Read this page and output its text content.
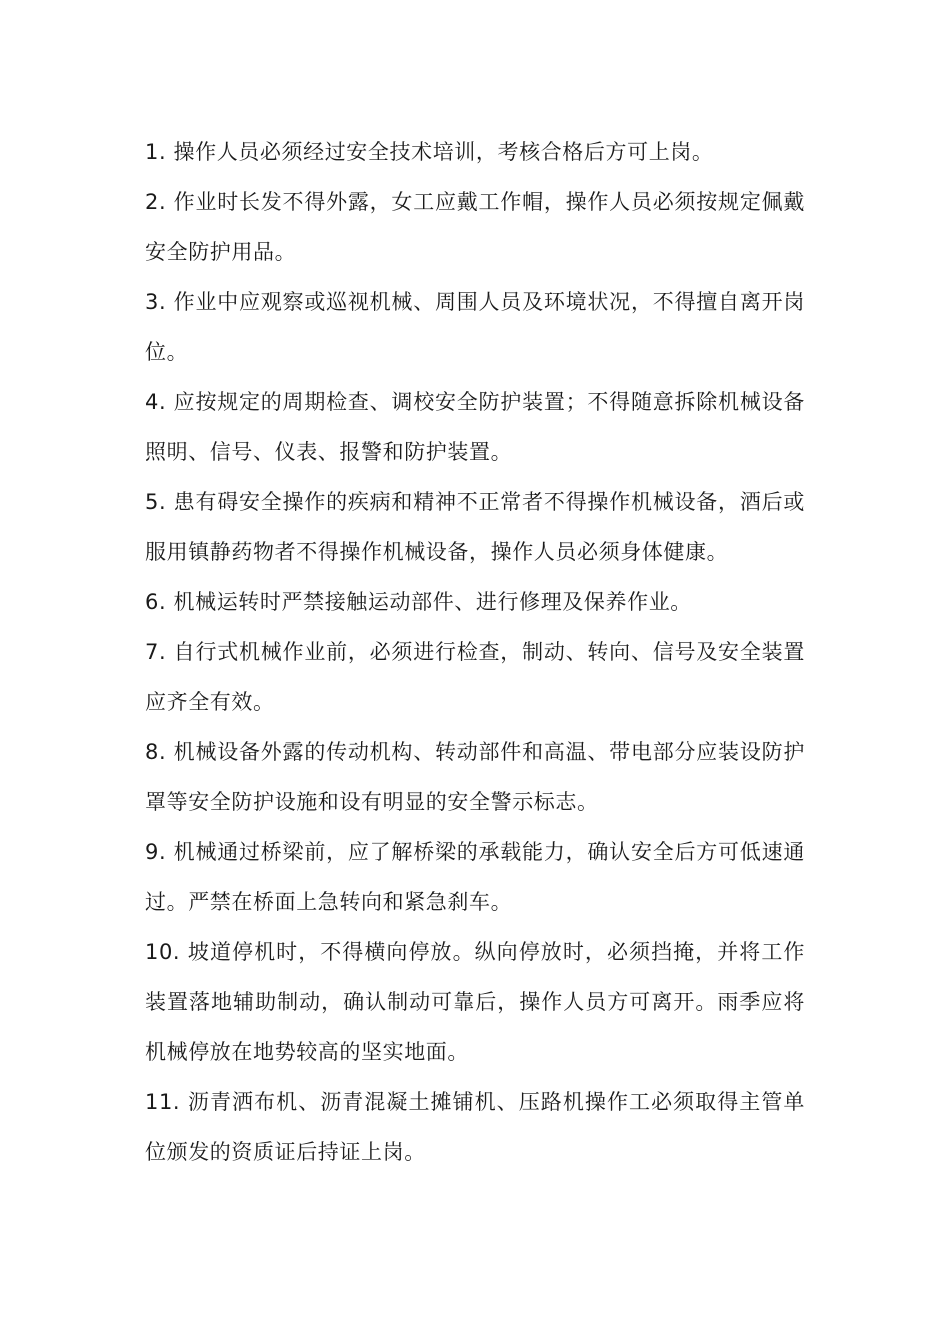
1. 操作人员必须经过安全技术培训，考核合格后方可上岗。

2. 作业时长发不得外露，女工应戴工作帽，操作人员必须按规定佩戴安全防护用品。

3. 作业中应观察或巡视机械、周围人员及环境状况，不得擅自离开岗位。

4. 应按规定的周期检查、调校安全防护装置；不得随意拆除机械设备照明、信号、仪表、报警和防护装置。

5. 患有碍安全操作的疾病和精神不正常者不得操作机械设备，酒后或服用镇静药物者不得操作机械设备，操作人员必须身体健康。

6. 机械运转时严禁接触运动部件、进行修理及保养作业。

7. 自行式机械作业前，必须进行检查，制动、转向、信号及安全装置应齐全有效。

8. 机械设备外露的传动机构、转动部件和高温、带电部分应装设防护罩等安全防护设施和设有明显的安全警示标志。

9. 机械通过桥梁前，应了解桥梁的承载能力，确认安全后方可低速通过。严禁在桥面上急转向和紧急刹车。

10. 坡道停机时，不得横向停放。纵向停放时，必须挡掩，并将工作装置落地辅助制动，确认制动可靠后，操作人员方可离开。雨季应将机械停放在地势较高的坚实地面。

11. 沥青洒布机、沥青混凝土摊铺机、压路机操作工必须取得主管单位颁发的资质证后持证上岗。
